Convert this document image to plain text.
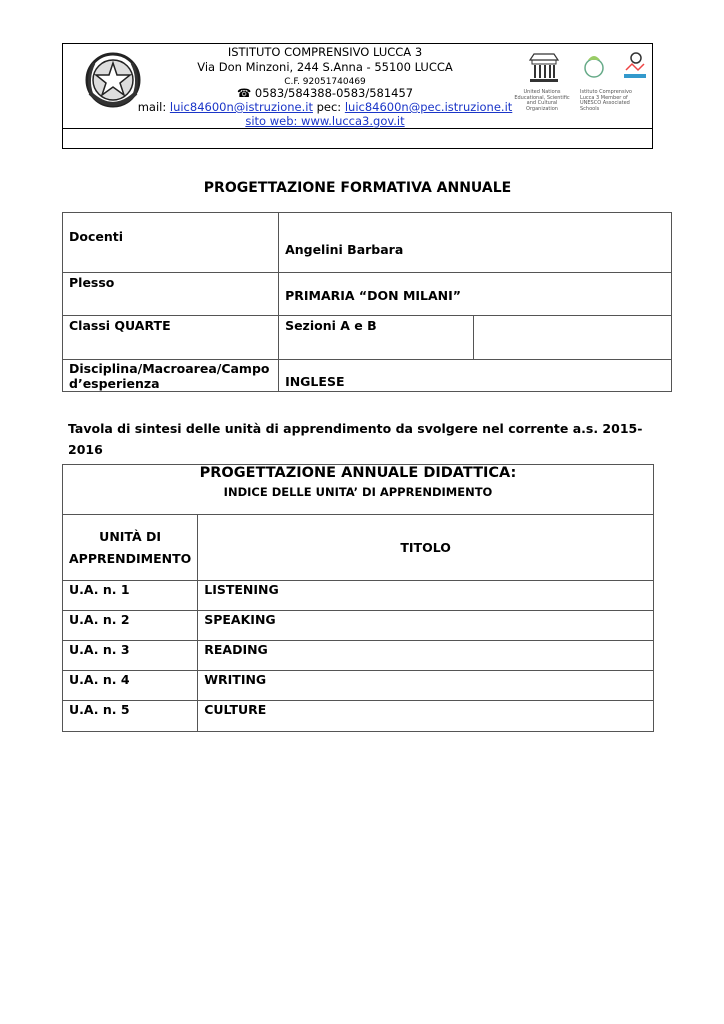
ISTITUTO COMPRENSIVO LUCCA 3
Via Don Minzoni, 244 S.Anna - 55100 LUCCA
C.F. 92051740469
☎ 0583/584388-0583/581457
mail: luic84600n@istruzione.it pec: luic84600n@pec.istruzione.it
sito web: www.lucca3.gov.it
United Nations Educational, Scientific and Cultural Organization
Istituto Comprensivo Lucca 3 Member of UNESCO Associated Schools
PROGETTAZIONE FORMATIVA ANNUALE
Docenti	Angelini Barbara	
Plesso	PRIMARIA “DON MILANI”	
Classi QUARTE	Sezioni A e B	
Disciplina/Macroarea/Campo d’esperienza	INGLESE	
Tavola di sintesi delle unità di apprendimento da svolgere nel corrente a.s. 2015-2016
PROGETTAZIONE ANNUALE DIDATTICA:
INDICE DELLE UNITA’ DI APPRENDIMENTO	

UNITÀ DI APPRENDIMENTO	TITOLO
U.A. n. 1	LISTENING
U.A. n. 2	SPEAKING
U.A. n. 3	READING
U.A. n. 4	WRITING
U.A. n. 5	CULTURE
